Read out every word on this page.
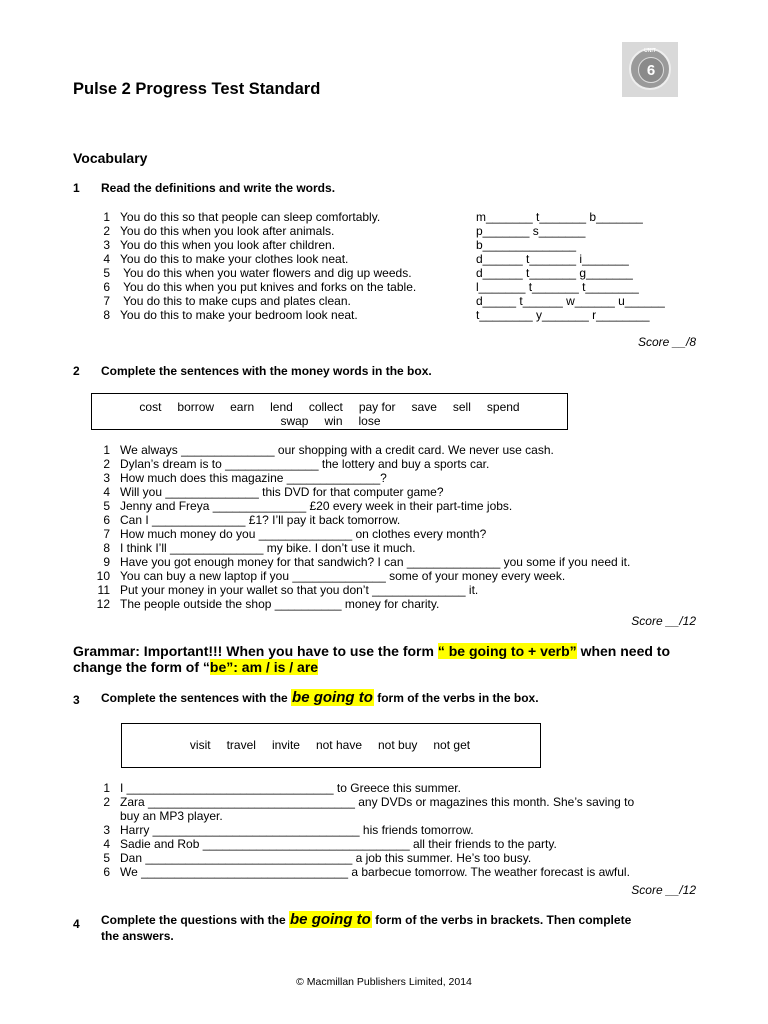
Pulse 2 Progress Test Standard
UNIT
6
Vocabulary
1 Read the definitions and write the words.
1 You do this so that people can sleep comfortably.
2 You do this when you look after animals.
3 You do this when you look after children.
4 You do this to make your clothes look neat.
5 You do this when you water flowers and dig up weeds.
6 You do this when you put knives and forks on the table.
7 You do this to make cups and plates clean.
8 You do this to make your bedroom look neat.
m_______ t_______ b_______
p_______ s_______
b______________
d______ t_______ i_______
d______ t_______ g_______
l_______ t_______ t________
d_____ t______ w______ u______
t________ y_______ r________
Score __/8
2 Complete the sentences with the money words in the box.
cost borrow earn lend collect pay for save sell spend
swap win lose
1 We always ______________ our shopping with a credit card. We never use cash.
2 Dylan’s dream is to ______________ the lottery and buy a sports car.
3 How much does this magazine ______________?
4 Will you ______________ this DVD for that computer game?
5 Jenny and Freya ______________ £20 every week in their part-time jobs.
6 Can I ______________ £1? I’ll pay it back tomorrow.
7 How much money do you ______________ on clothes every month?
8 I think I’ll ______________ my bike. I don’t use it much.
9 Have you got enough money for that sandwich? I can ______________ you some if you need it.
10 You can buy a new laptop if you ______________ some of your money every week.
11 Put your money in your wallet so that you don’t ______________ it.
12 The people outside the shop __________ money for charity.
Score __/12
Grammar: Important!!! When you have to use the form “ be going to + verb” when need to
change the form of “be”: am / is / are
3 Complete the sentences with the be going to form of the verbs in the box.
visit travel invite not have not buy not get
1 I _______________________________ to Greece this summer.
2 Zara _______________________________ any DVDs or magazines this month. She’s saving to
buy an MP3 player.
3 Harry _______________________________ his friends tomorrow.
4 Sadie and Rob _______________________________ all their friends to the party.
5 Dan _______________________________ a job this summer. He’s too busy.
6 We _______________________________ a barbecue tomorrow. The weather forecast is awful.
Score __/12
4 Complete the questions with the be going to form of the verbs in brackets. Then complete
the answers.
© Macmillan Publishers Limited, 2014
